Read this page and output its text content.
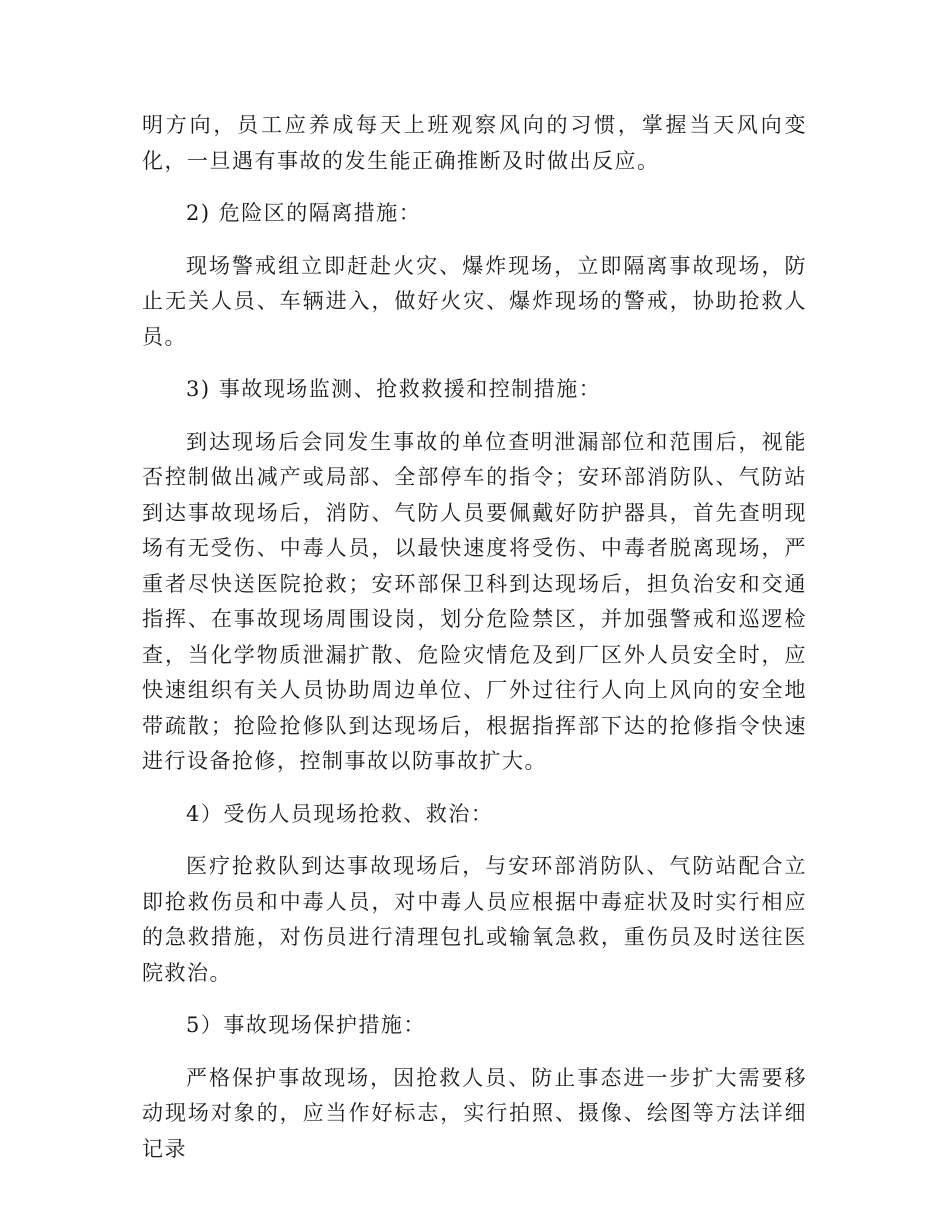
明方向，员工应养成每天上班观察风向的习惯，掌握当天风向变化，一旦遇有事故的发生能正确推断及时做出反应。

2) 危险区的隔离措施：

现场警戒组立即赶赴火灾、爆炸现场，立即隔离事故现场，防止无关人员、车辆进入，做好火灾、爆炸现场的警戒，协助抢救人员。

3) 事故现场监测、抢救救援和控制措施：

到达现场后会同发生事故的单位查明泄漏部位和范围后，视能否控制做出减产或局部、全部停车的指令；安环部消防队、气防站到达事故现场后，消防、气防人员要佩戴好防护器具，首先查明现场有无受伤、中毒人员，以最快速度将受伤、中毒者脱离现场，严重者尽快送医院抢救；安环部保卫科到达现场后，担负治安和交通指挥、在事故现场周围设岗，划分危险禁区，并加强警戒和巡逻检查，当化学物质泄漏扩散、危险灾情危及到厂区外人员安全时，应快速组织有关人员协助周边单位、厂外过往行人向上风向的安全地带疏散；抢险抢修队到达现场后，根据指挥部下达的抢修指令快速进行设备抢修，控制事故以防事故扩大。

4）受伤人员现场抢救、救治：

医疗抢救队到达事故现场后，与安环部消防队、气防站配合立即抢救伤员和中毒人员，对中毒人员应根据中毒症状及时实行相应的急救措施，对伤员进行清理包扎或输氧急救，重伤员及时送往医院救治。

5）事故现场保护措施：

严格保护事故现场，因抢救人员、防止事态进一步扩大需要移动现场对象的，应当作好标志，实行拍照、摄像、绘图等方法详细记录
